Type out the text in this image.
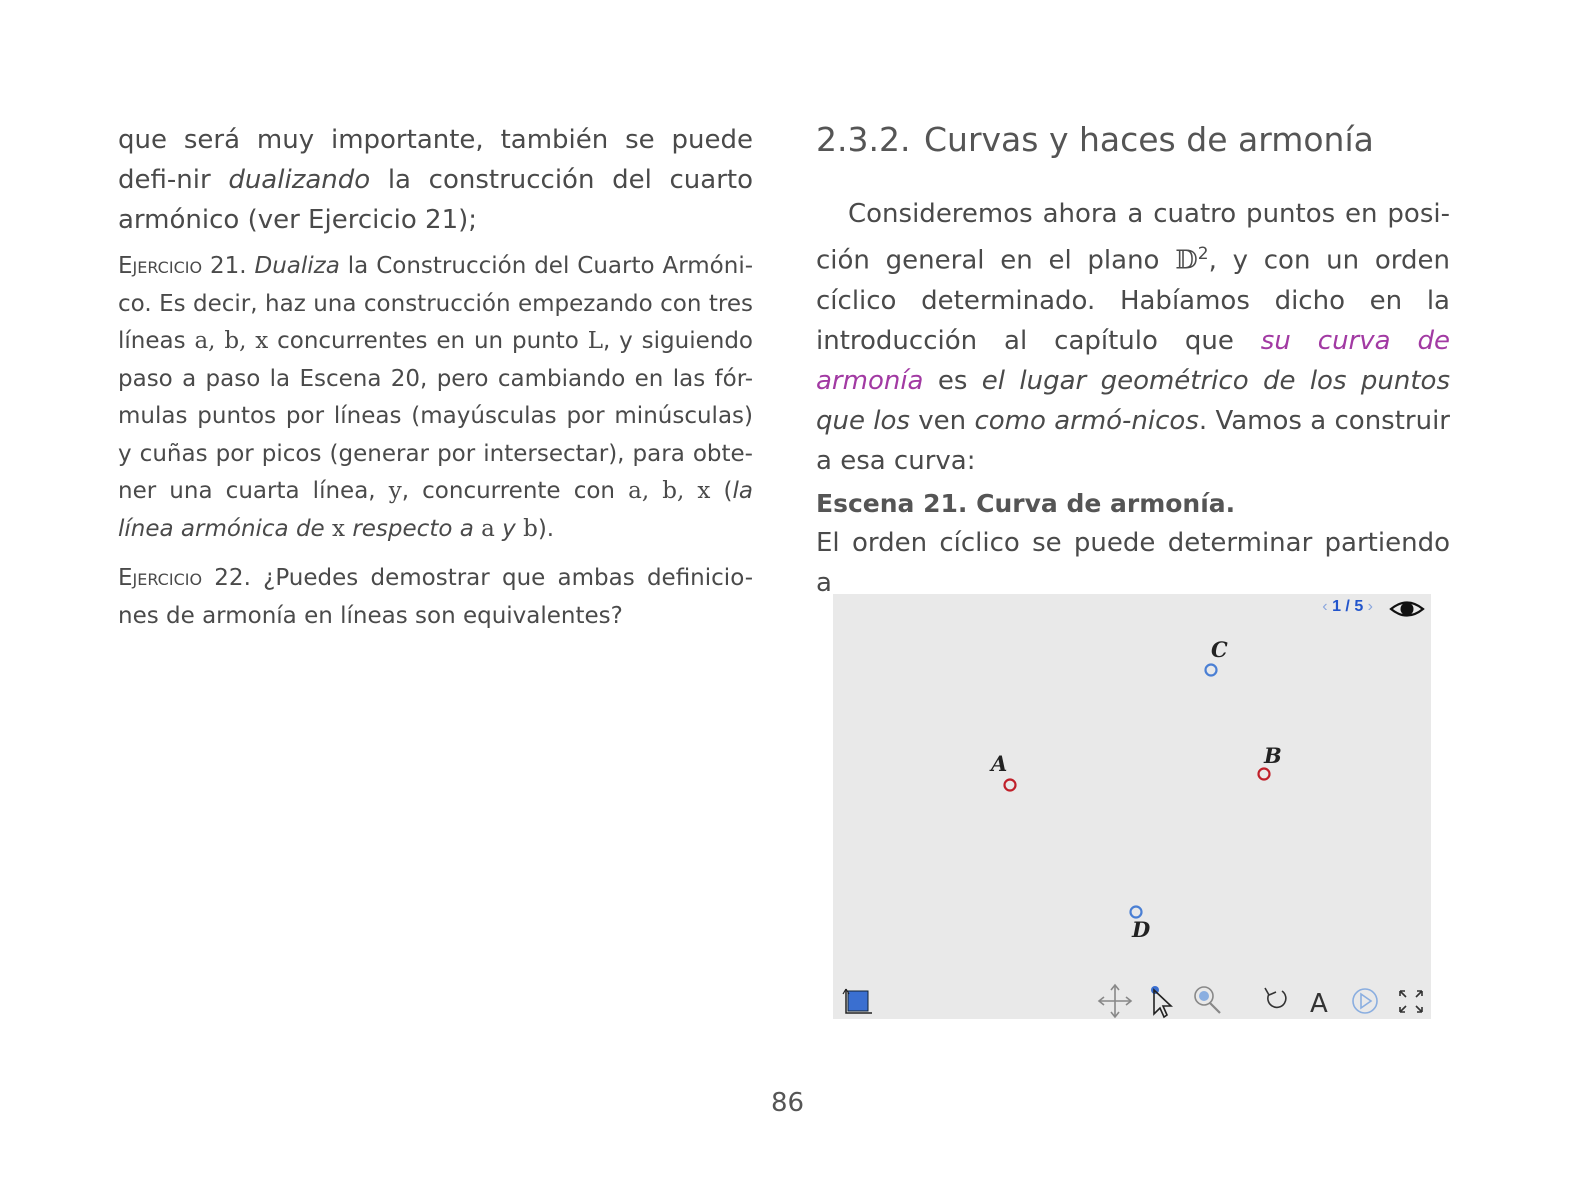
que será muy importante, también se puede defi-nir dualizando la construcción del cuarto armónico (ver Ejercicio 21);

Ejercicio 21. Dualiza la Construcción del Cuarto Armóni-co. Es decir, haz una construcción empezando con tres líneas a, b, x concurrentes en un punto L, y siguiendo paso a paso la Escena 20, pero cambiando en las fór-mulas puntos por líneas (mayúsculas por minúsculas) y cuñas por picos (generar por intersectar), para obte-ner una cuarta línea, y, concurrente con a, b, x (la línea armónica de x respecto a a y b).

Ejercicio 22. ¿Puedes demostrar que ambas definicio-nes de armonía en líneas son equivalentes?

2.3.2. Curvas y haces de armonía

Consideremos ahora a cuatro puntos en posi-ción general en el plano 𝔻$^2$, y con un orden cíclico determinado. Habíamos dicho en la introducción al capítulo que su curva de armonía es el lugar geométrico de los puntos que los ven como armó-nicos. Vamos a construir a esa curva:

Escena 21. Curva de armonía.

El orden cíclico se puede determinar partiendo a

‹ 1 / 5 ›
A
A	B
C
D
86
